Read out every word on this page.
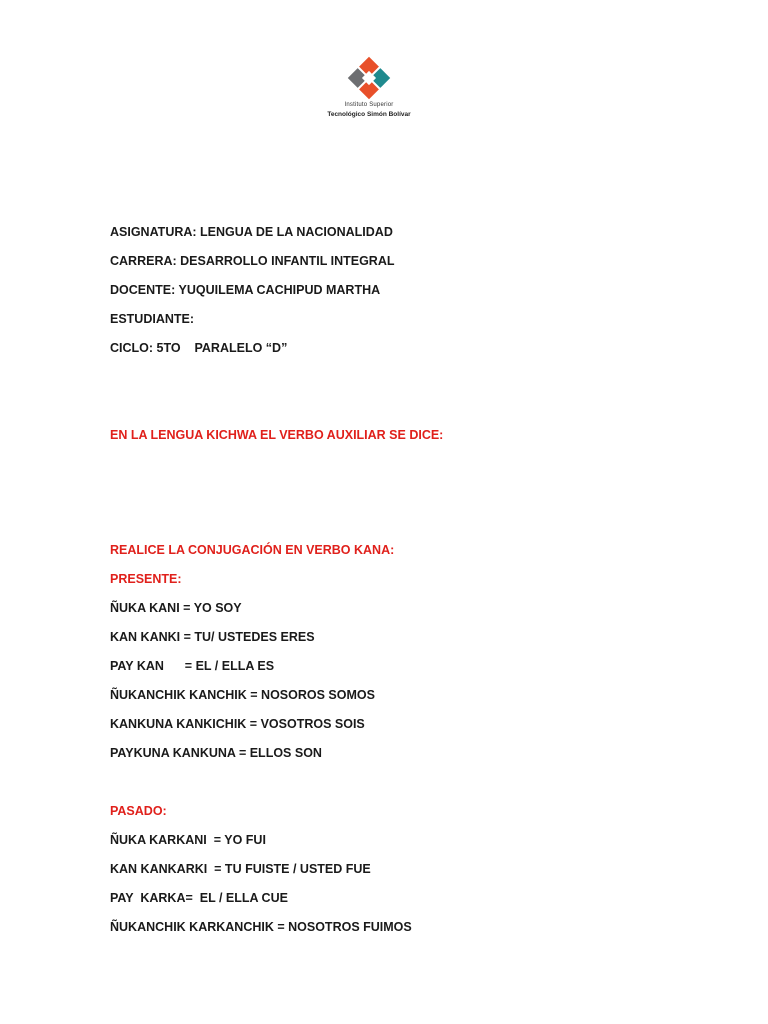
Instituto Superior
Tecnológico Simón Bolívar
ASIGNATURA: LENGUA DE LA NACIONALIDAD
CARRERA: DESARROLLO INFANTIL INTEGRAL
DOCENTE: YUQUILEMA CACHIPUD MARTHA
ESTUDIANTE:
CICLO: 5TO    PARALELO “D”
EN LA LENGUA KICHWA EL VERBO AUXILIAR SE DICE:
REALICE LA CONJUGACIÓN EN VERBO KANA:
PRESENTE:
ÑUKA KANI = YO SOY
KAN KANKI = TU/ USTEDES ERES
PAY KAN      = EL / ELLA ES
ÑUKANCHIK KANCHIK = NOSOROS SOMOS
KANKUNA KANKICHIK = VOSOTROS SOIS
PAYKUNA KANKUNA = ELLOS SON
PASADO:
ÑUKA KARKANI  = YO FUI
KAN KANKARKI  = TU FUISTE / USTED FUE
PAY  KARKA=  EL / ELLA CUE
ÑUKANCHIK KARKANCHIK = NOSOTROS FUIMOS
